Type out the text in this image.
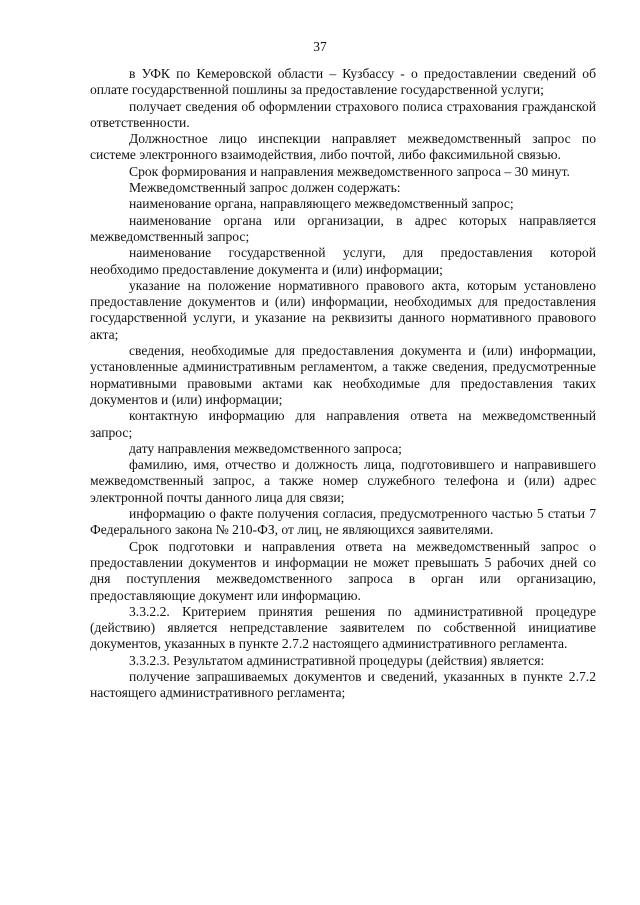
37

в УФК по Кемеровской области – Кузбассу - о предоставлении сведений об оплате государственной пошлины за предоставление государственной услуги;

получает сведения об оформлении страхового полиса страхования гражданской ответственности.

Должностное лицо инспекции направляет межведомственный запрос по системе электронного взаимодействия, либо почтой, либо факсимильной связью.

Срок формирования и направления межведомственного запроса – 30 минут.

Межведомственный запрос должен содержать:

наименование органа, направляющего межведомственный запрос;

наименование органа или организации, в адрес которых направляется межведомственный запрос;

наименование государственной услуги, для предоставления которой необходимо предоставление документа и (или) информации;

указание на положение нормативного правового акта, которым установлено предоставление документов и (или) информации, необходимых для предоставления государственной услуги, и указание на реквизиты данного нормативного правового акта;

сведения, необходимые для предоставления документа и (или) информации, установленные административным регламентом, а также сведения, предусмотренные нормативными правовыми актами как необходимые для предоставления таких документов и (или) информации;

контактную информацию для направления ответа на межведомственный запрос;

дату направления межведомственного запроса;

фамилию, имя, отчество и должность лица, подготовившего и направившего межведомственный запрос, а также номер служебного телефона и (или) адрес электронной почты данного лица для связи;

информацию о факте получения согласия, предусмотренного частью 5 статьи 7 Федерального закона № 210-ФЗ, от лиц, не являющихся заявителями.

Срок подготовки и направления ответа на межведомственный запрос о предоставлении документов и информации не может превышать 5 рабочих дней со дня поступления межведомственного запроса в орган или организацию, предоставляющие документ или информацию.

3.3.2.2. Критерием принятия решения по административной процедуре (действию) является непредставление заявителем по собственной инициативе документов, указанных в пункте 2.7.2 настоящего административного регламента.

3.3.2.3. Результатом административной процедуры (действия) является:

получение запрашиваемых документов и сведений, указанных в пункте 2.7.2 настоящего административного регламента;
